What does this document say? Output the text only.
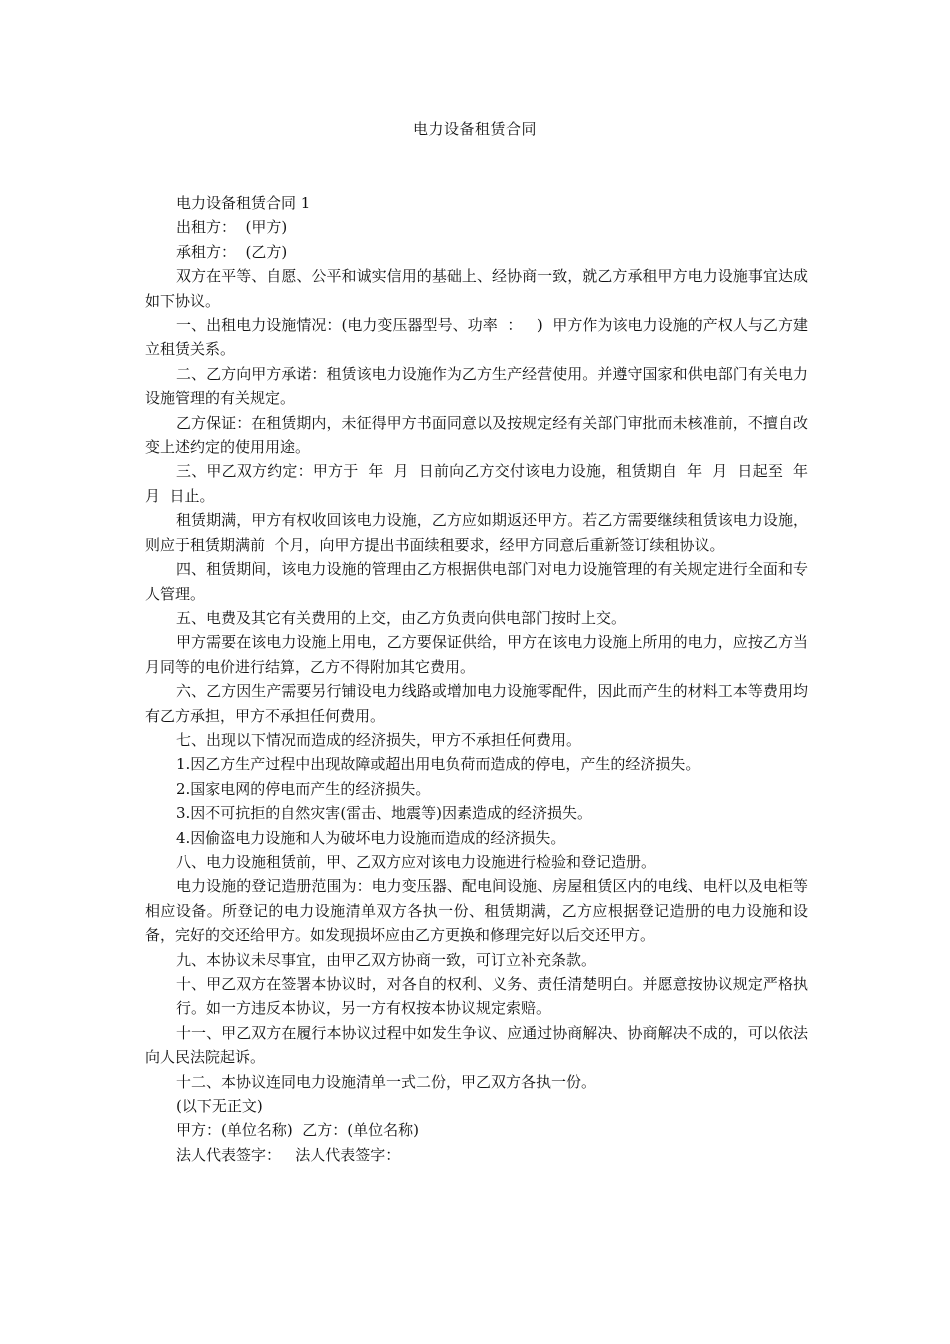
电力设备租赁合同

电力设备租赁合同 1

出租方：  (甲方)

承租方：  (乙方)

双方在平等、自愿、公平和诚实信用的基础上、经协商一致，就乙方承租甲方电力设施事宜达成如下协议。

一、出租电力设施情况：(电力变压器型号、功率  ：   )  甲方作为该电力设施的产权人与乙方建立租赁关系。

二、乙方向甲方承诺：租赁该电力设施作为乙方生产经营使用。并遵守国家和供电部门有关电力设施管理的有关规定。

乙方保证：在租赁期内，未征得甲方书面同意以及按规定经有关部门审批而未核准前，不擅自改变上述约定的使用用途。

三、甲乙双方约定：甲方于  年  月  日前向乙方交付该电力设施，租赁期自  年  月  日起至  年  月  日止。

租赁期满，甲方有权收回该电力设施，乙方应如期返还甲方。若乙方需要继续租赁该电力设施，则应于租赁期满前  个月，向甲方提出书面续租要求，经甲方同意后重新签订续租协议。

四、租赁期间，该电力设施的管理由乙方根据供电部门对电力设施管理的有关规定进行全面和专人管理。

五、电费及其它有关费用的上交，由乙方负责向供电部门按时上交。

甲方需要在该电力设施上用电，乙方要保证供给，甲方在该电力设施上所用的电力，应按乙方当月同等的电价进行结算，乙方不得附加其它费用。

六、乙方因生产需要另行铺设电力线路或增加电力设施零配件，因此而产生的材料工本等费用均有乙方承担，甲方不承担任何费用。

七、出现以下情况而造成的经济损失，甲方不承担任何费用。

1.因乙方生产过程中出现故障或超出用电负荷而造成的停电，产生的经济损失。

2.国家电网的停电而产生的经济损失。

3.因不可抗拒的自然灾害(雷击、地震等)因素造成的经济损失。

4.因偷盗电力设施和人为破坏电力设施而造成的经济损失。

八、电力设施租赁前，甲、乙双方应对该电力设施进行检验和登记造册。

电力设施的登记造册范围为：电力变压器、配电间设施、房屋租赁区内的电线、电杆以及电柜等相应设备。所登记的电力设施清单双方各执一份、租赁期满，乙方应根据登记造册的电力设施和设备，完好的交还给甲方。如发现损坏应由乙方更换和修理完好以后交还甲方。

九、本协议未尽事宜，由甲乙双方协商一致，可订立补充条款。

十、甲乙双方在签署本协议时，对各自的权利、义务、责任清楚明白。并愿意按协议规定严格执行。如一方违反本协议，另一方有权按本协议规定索赔。

十一、甲乙双方在履行本协议过程中如发生争议、应通过协商解决、协商解决不成的，可以依法向人民法院起诉。

十二、本协议连同电力设施清单一式二份，甲乙双方各执一份。

(以下无正文)

甲方：(单位名称)  乙方：(单位名称)

法人代表签字：   法人代表签字：
